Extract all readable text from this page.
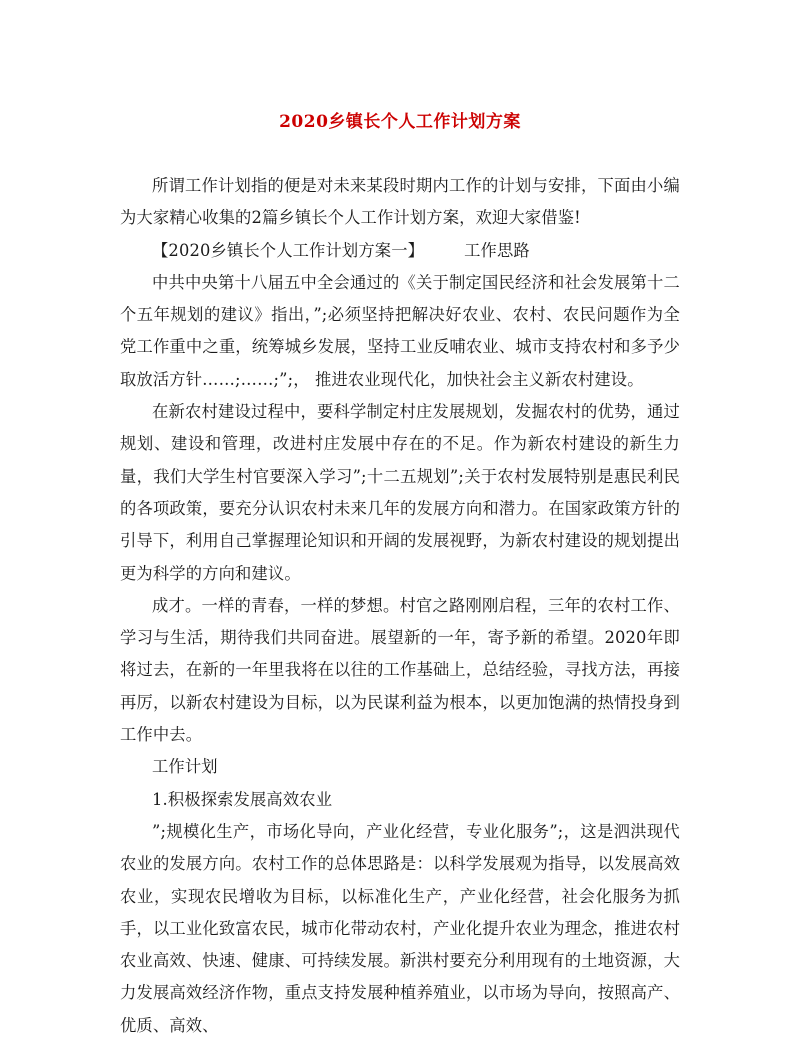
2020乡镇长个人工作计划方案

所谓工作计划指的便是对未来某段时期内工作的计划与安排，下面由小编为大家精心收集的2篇乡镇长个人工作计划方案，欢迎大家借鉴!

【2020乡镇长个人工作计划方案一】 工作思路

中共中央第十八届五中全会通过的《关于制定国民经济和社会发展第十二个五年规划的建议》指出，”;必须坚持把解决好农业、农村、农民问题作为全党工作重中之重，统筹城乡发展，坚持工业反哺农业、城市支持农村和多予少取放活方针……;……;”;， 推进农业现代化，加快社会主义新农村建设。

在新农村建设过程中，要科学制定村庄发展规划，发掘农村的优势，通过规划、建设和管理，改进村庄发展中存在的不足。作为新农村建设的新生力量，我们大学生村官要深入学习”;十二五规划”;关于农村发展特别是惠民利民的各项政策，要充分认识农村未来几年的发展方向和潜力。在国家政策方针的引导下，利用自己掌握理论知识和开阔的发展视野，为新农村建设的规划提出更为科学的方向和建议。

成才。一样的青春，一样的梦想。村官之路刚刚启程，三年的农村工作、学习与生活，期待我们共同奋进。展望新的一年，寄予新的希望。2020年即将过去，在新的一年里我将在以往的工作基础上，总结经验，寻找方法，再接再厉，以新农村建设为目标，以为民谋利益为根本，以更加饱满的热情投身到工作中去。

工作计划

1.积极探索发展高效农业

”;规模化生产，市场化导向，产业化经营，专业化服务”;，这是泗洪现代农业的发展方向。农村工作的总体思路是：以科学发展观为指导，以发展高效农业，实现农民增收为目标，以标准化生产，产业化经营，社会化服务为抓手，以工业化致富农民，城市化带动农村，产业化提升农业为理念，推进农村农业高效、快速、健康、可持续发展。新洪村要充分利用现有的土地资源，大力发展高效经济作物，重点支持发展种植养殖业，以市场为导向，按照高产、优质、高效、
